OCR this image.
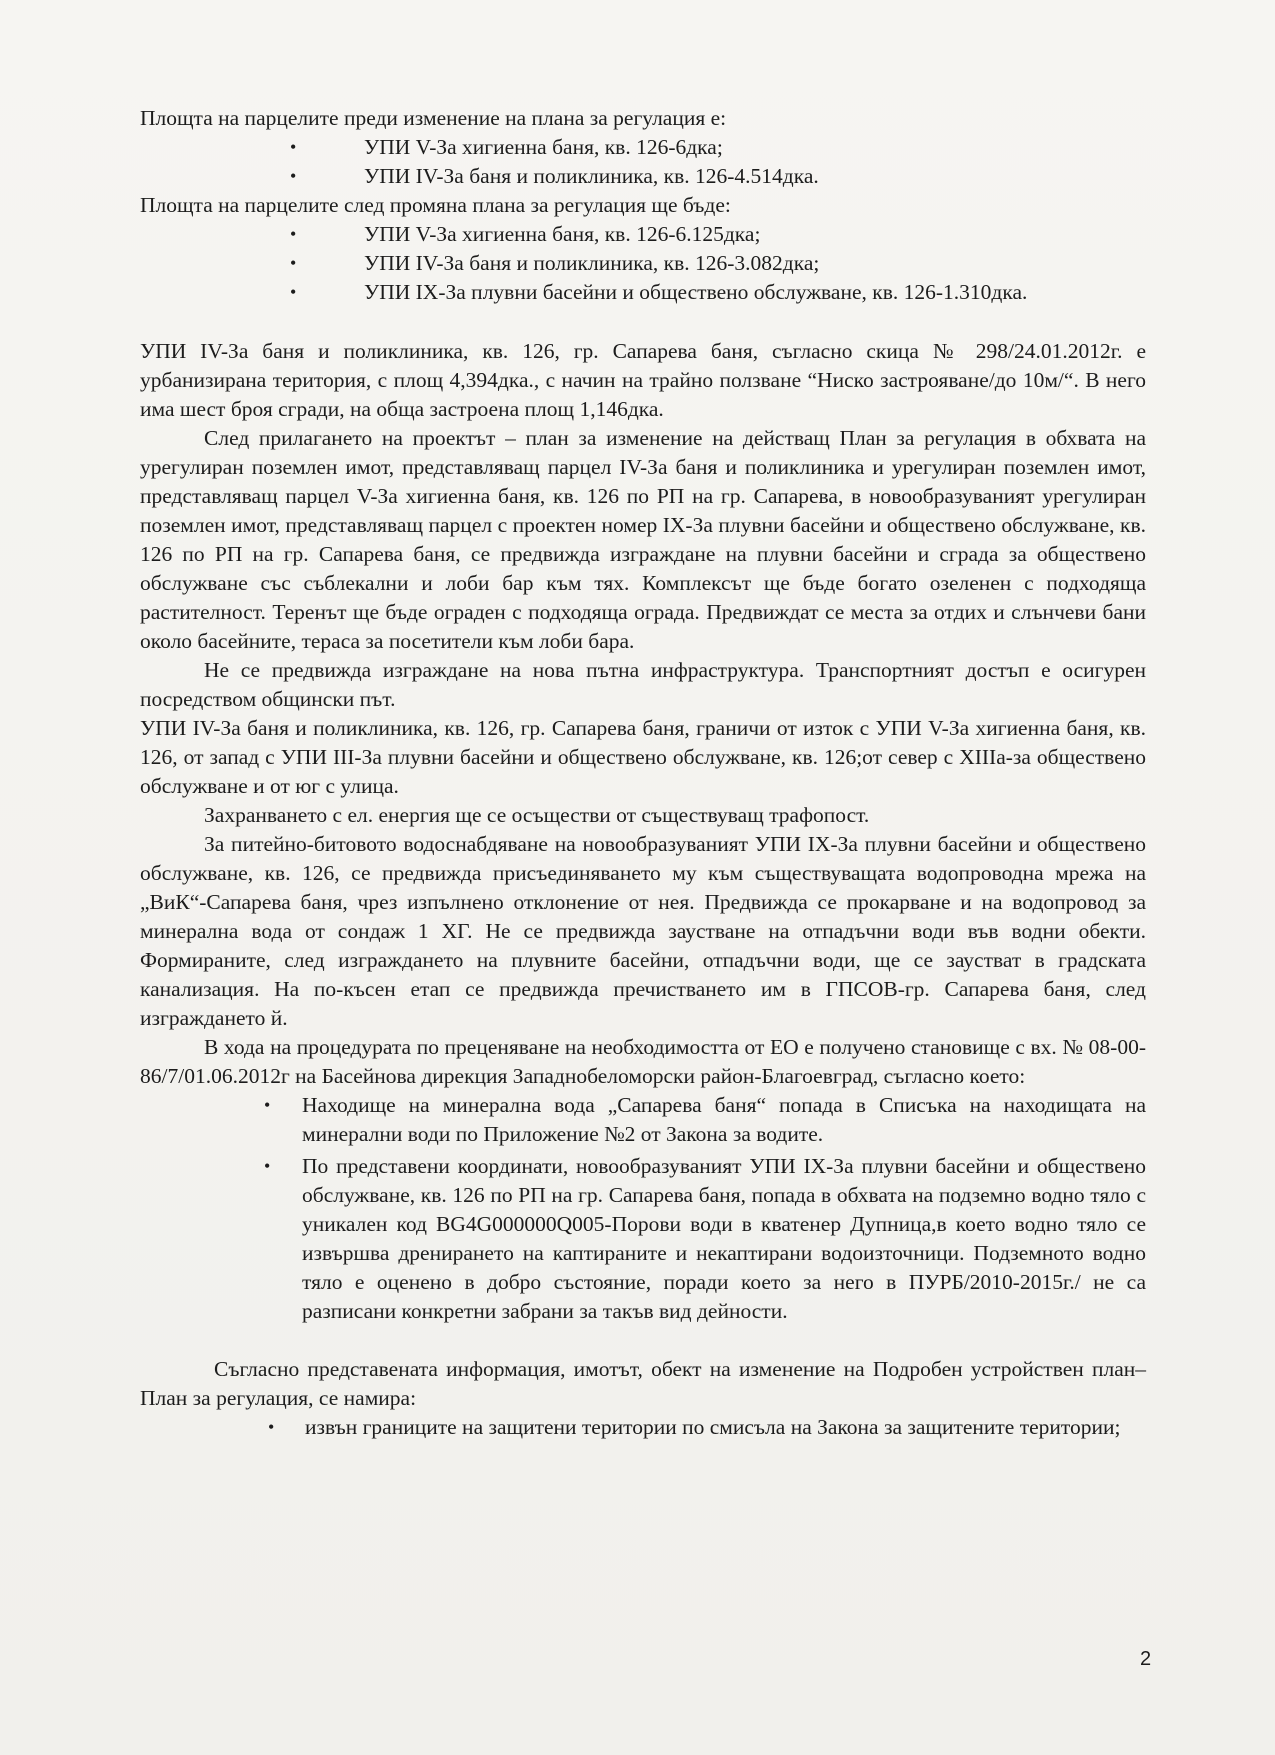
Площта на парцелите преди изменение на плана за регулация е:

• УПИ V-За хигиенна баня, кв. 126-6дка;
• УПИ IV-За баня и поликлиника, кв. 126-4.514дка.

Площта на парцелите след промяна плана за регулация ще бъде:

• УПИ V-За хигиенна баня, кв. 126-6.125дка;
• УПИ IV-За баня и поликлиника, кв. 126-3.082дка;
• УПИ IX-За плувни басейни и обществено обслужване, кв. 126-1.310дка.

УПИ IV-За баня и поликлиника, кв. 126, гр. Сапарева баня, съгласно скица № 298/24.01.2012г. е урбанизирана територия, с площ 4,394дка., с начин на трайно ползване “Ниско застрояване/до 10м/“. В него има шест броя сгради, на обща застроена площ 1,146дка.

След прилагането на проектът – план за изменение на действащ План за регулация в обхвата на урегулиран поземлен имот, представляващ парцел IV-За баня и поликлиника и урегулиран поземлен имот, представляващ парцел V-За хигиенна баня, кв. 126 по РП на гр. Сапарева, в новообразуваният урегулиран поземлен имот, представляващ парцел с проектен номер IX-За плувни басейни и обществено обслужване, кв. 126 по РП на гр. Сапарева баня, се предвижда изграждане на плувни басейни и сграда за обществено обслужване със съблекални и лоби бар към тях. Комплексът ще бъде богато озеленен с подходяща растителност. Теренът ще бъде ограден с подходяща ограда. Предвиждат се места за отдих и слънчеви бани около басейните, тераса за посетители към лоби бара.

Не се предвижда изграждане на нова пътна инфраструктура. Транспортният достъп е осигурен посредством общински път.

УПИ IV-За баня и поликлиника, кв. 126, гр. Сапарева баня, граничи от изток с УПИ V-За хигиенна баня, кв. 126, от запад с УПИ III-За плувни басейни и обществено обслужване, кв. 126;от север с XIIIа-за обществено обслужване и от юг с улица.

Захранването с ел. енергия ще се осъществи от съществуващ трафопост.

За питейно-битовото водоснабдяване на новообразуваният УПИ IX-За плувни басейни и обществено обслужване, кв. 126, се предвижда присъединяването му към съществуващата водопроводна мрежа на „ВиК“-Сапарева баня, чрез изпълнено отклонение от нея. Предвижда се прокарване и на водопровод за минерална вода от сондаж 1 ХГ. Не се предвижда заустване на отпадъчни води във водни обекти. Формираните, след изграждането на плувните басейни, отпадъчни води, ще се заустват в градската канализация. На по-късен етап се предвижда пречистването им в ГПСОВ-гр. Сапарева баня, след изграждането й.

В хода на процедурата по преценяване на необходимостта от ЕО е получено становище с вх. № 08-00-86/7/01.06.2012г на Басейнова дирекция Западнобеломорски район-Благоевград, съгласно което:

• Находище на минерална вода „Сапарева баня“ попада в Списъка на находищата на минерални води по Приложение №2 от Закона за водите.
• По представени координати, новообразуваният УПИ IX-За плувни басейни и обществено обслужване, кв. 126 по РП на гр. Сапарева баня, попада в обхвата на подземно водно тяло с уникален код BG4G000000Q005-Порови води в кватенер Дупница,в което водно тяло се извършва дренирането на каптираните и некаптирани водоизточници. Подземното водно тяло е оценено в добро състояние, поради което за него в ПУРБ/2010-2015г./ не са разписани конкретни забрани за такъв вид дейности.

Съгласно представената информация, имотът, обект на изменение на Подробен устройствен план–План за регулация, се намира:

• извън границите на защитени територии по смисъла на Закона за защитените територии;
2
